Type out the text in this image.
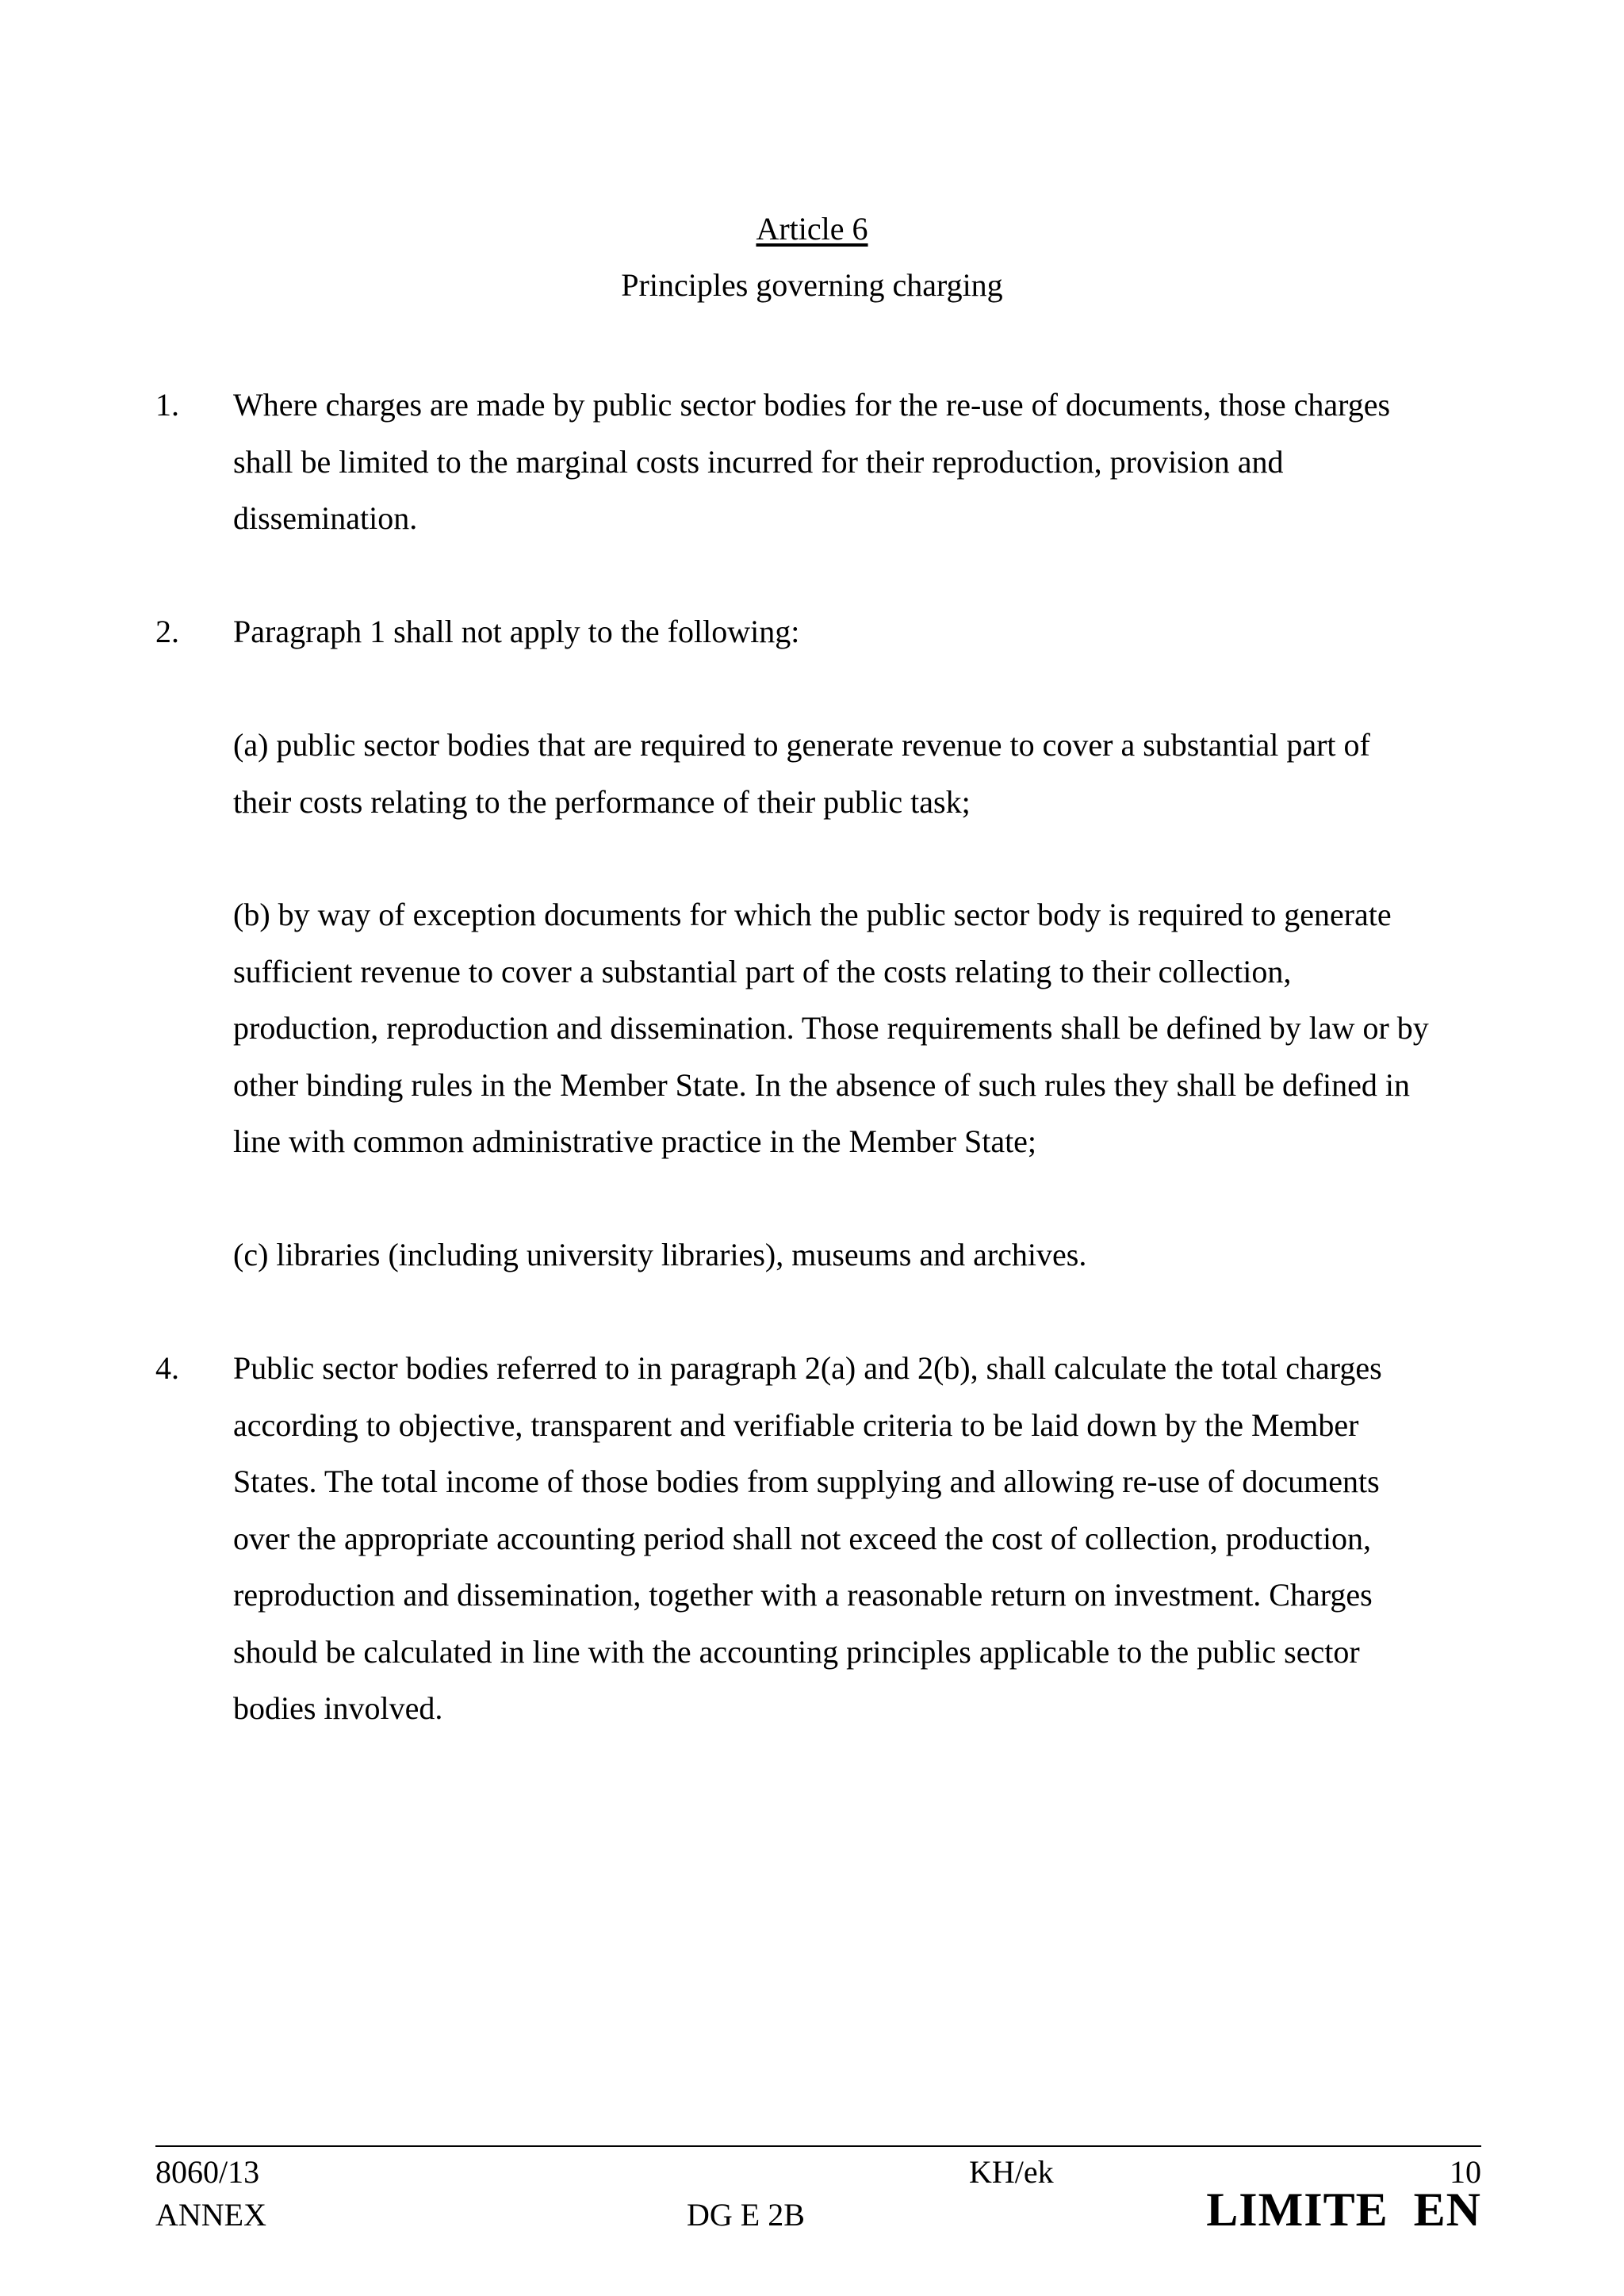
Article 6
Principles governing charging
1. Where charges are made by public sector bodies for the re-use of documents, those charges
shall be limited to the marginal costs incurred for their reproduction, provision and
dissemination.
2. Paragraph 1 shall not apply to the following:
(a) public sector bodies that are required to generate revenue to cover a substantial part of
their costs relating to the performance of their public task;
(b) by way of exception documents for which the public sector body is required to generate
sufficient revenue to cover a substantial part of the costs relating to their collection,
production, reproduction and dissemination. Those requirements shall be defined by law or by
other binding rules in the Member State. In the absence of such rules they shall be defined in
line with common administrative practice in the Member State;
(c) libraries (including university libraries), museums and archives.
4. Public sector bodies referred to in paragraph 2(a) and 2(b), shall calculate the total charges
according to objective, transparent and verifiable criteria to be laid down by the Member
States. The total income of those bodies from supplying and allowing re-use of documents
over the appropriate accounting period shall not exceed the cost of collection, production,
reproduction and dissemination, together with a reasonable return on investment. Charges
should be calculated in line with the accounting principles applicable to the public sector
bodies involved.
8060/13
ANNEX
KH/ek
DG E 2B
10
LIMITE EN
